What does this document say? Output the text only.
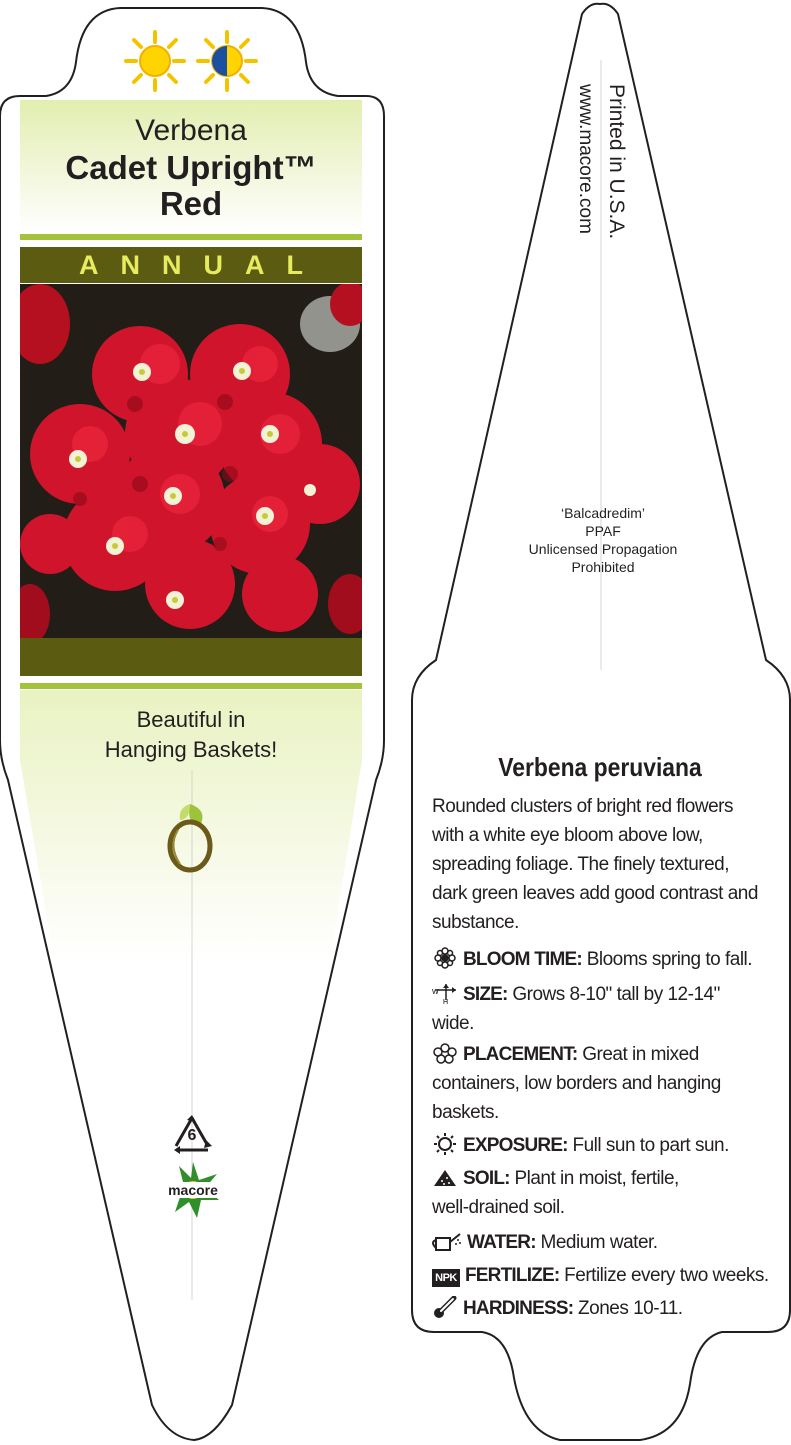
Verbena
Cadet Upright™
Red
ANNUAL
Beautiful in
Hanging Baskets!
6
macore
Printed in U.S.A.
www.macore.com
‘Balcadredim’
PPAF
Unlicensed Propagation
Prohibited
Verbena peruviana
Rounded clusters of bright red flowers
with a white eye bloom above low,
spreading foliage. The finely textured,
dark green leaves add good contrast and
substance.
BLOOM TIME: Blooms spring to fall.
W
H SIZE: Grows 8-10" tall by 12-14"
wide.
PLACEMENT: Great in mixed
containers, low borders and hanging
baskets.
EXPOSURE: Full sun to part sun.
SOIL: Plant in moist, fertile,
well-drained soil.
WATER: Medium water.
NPK FERTILIZE: Fertilize every two weeks.
HARDINESS: Zones 10-11.
